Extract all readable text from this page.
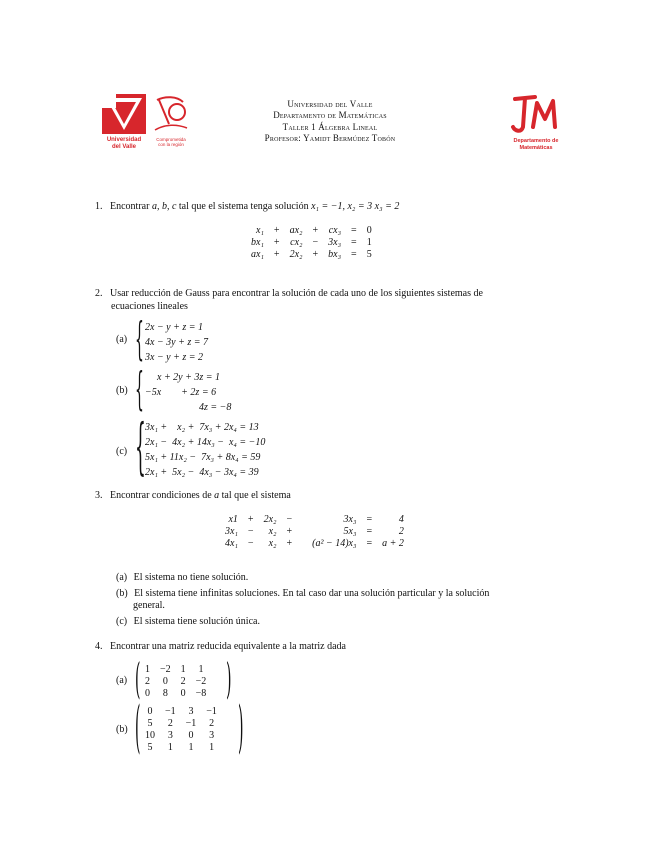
Universidad del Valle
Comprometida con la región
Universidad del Valle
Departamento de Matemáticas
Taller 1 Álgebra Lineal
Profesor: Yamidt Bermúdez Tobón	Departamento de Matemáticas
1. Encontrar a, b, c tal que el sistema tenga solución x₁ = −1, x₂ = 3 x₃ = 2
x₁	+	ax₂	+	cx₃	=	0
bx₁	+	cx₂	−	3x₃	=	1
ax₁	+	2x₂	+	bx₃	=	5
2. Usar reducción de Gauss para encontrar la solución de cada uno de los siguientes sistemas de
ecuaciones lineales
(a) { 2x − y + z = 1
4x − 3y + z = 7
3x − y + z = 2
(b) {	x + 2y + 3z = 1
−5x        + 2z = 6
4z = −8
(c) { 3x₁ +    x₂ +  7x₃ + 2x₄ = 13
2x₁ −  4x₂ + 14x₃ −  x₄ = −10
5x₁ + 11x₂ −  7x₃ + 8x₄ = 59
2x₁ +  5x₂ −  4x₃ − 3x₄ = 39
3. Encontrar condiciones de a tal que el sistema
x1	+	2x₂	−		3x₃	=	4
3x₁	−	x₂	+		5x₃	=	2
4x₁	−	x₂	+		(a² − 14)x₃	=	a + 2
(a) El sistema no tiene solución.
(b) El sistema tiene infinitas soluciones. En tal caso dar una solución particular y la solución
general.
(c) El sistema tiene solución única.
4. Encontrar una matriz reducida equivalente a la matriz dada
(a) ( 1	−2	1	1
2	0	2	−2
0	8	0	−8 )
(b) ( 0	−1	3	−1
5	2	−1	2
10	3	0	3
5	1	1	1 )
